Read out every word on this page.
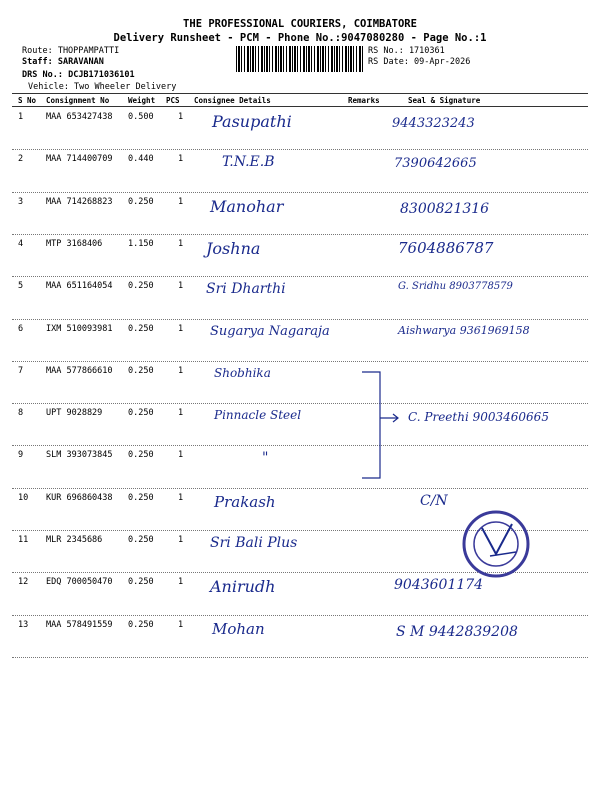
THE PROFESSIONAL COURIERS, COIMBATORE
Delivery Runsheet - PCM - Phone No.:9047080280 - Page No.:1
Route: THOPPAMPATTI
Staff: SARAVANAN
DRS No.: DCJB171036101
Vehicle: Two Wheeler Delivery
RS No.: 1710361
RS Date: 09-Apr-2026
S No Consignment No	Weight PCS Consignee Details	Remarks	Seal & Signature
1	MAA 653427438 0.500	1 Pasupathi	9443323243
2	MAA 714400709 0.440	1	T.N.E.B	7390642665
3	MAA 714268823 0.250	1 Manohar	8300821316
4	MTP 3168406	1.150	1 Joshna	7604886787
5	MAA 651164054 0.250	1 Sri Dharthi	G. Sridhu 8903778579
6	IXM 510093981 0.250	1 Sugarya Nagaraja	Aishwarya 9361969158
7	MAA 577866610 0.250	1	Shobhika
8	UPT 9028829	0.250	1	Pinnacle Steel	C. Preethi 9003460665
9	SLM 393073845 0.250	1	"
10 KUR 696860438 0.250	1 Prakash	C/N
11 MLR 2345686	0.250	1 Sri Bali Plus
12 EDQ 700050470 0.250	1 Anirudh	9043601174
13 MAA 578491559 0.250	1 Mohan	S M 9442839208
